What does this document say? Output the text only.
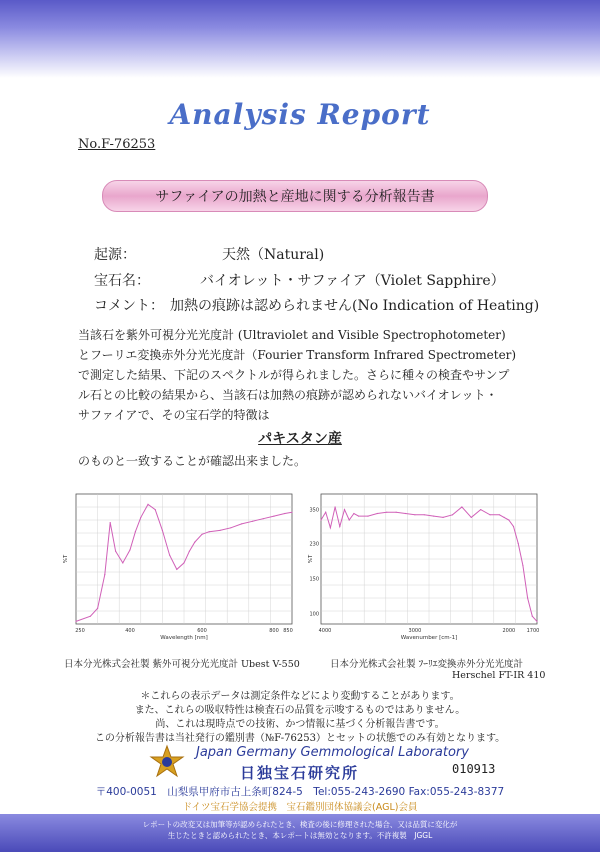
Analysis Report
No.F-76253
サファイアの加熱と産地に関する分析報告書
起源：	天然（Natural)
宝石名：	バイオレット・サファイア（Violet Sapphire）
コメント： 加熱の痕跡は認められません(No Indication of Heating)

当該石を紫外可視分光光度計 (Ultraviolet and Visible Spectrophotometer)

とフーリエ変換赤外分光光度計（Fourier Transform Infrared Spectrometer)

で測定した結果、下記のスペクトルが得られました。さらに種々の検査やサンプ

ル石との比較の結果から、当該石は加熱の痕跡が認められないバイオレット・

サファイアで、その宝石学的特徴は

パキスタン産
のものと一致することが確認出来ました。
250	400	600	800 850
Wavelength [nm]
%T
4000	3000	2000 1700
350
230
150
100
Wavenumber [cm-1]
%T
日本分光株式会社製 紫外可視分光光度計 Ubest V-550	日本分光株式会社製 ﾌｰﾘｴ変換赤外分光光度計
Herschel FT-IR 410
＊これらの表示データは測定条件などにより変動することがあります。
また、これらの吸収特性は検査石の品質を示唆するものではありません。
尚、これは現時点での技術、かつ情報に基づく分析報告書です。
この分析報告書は当社発行の鑑別書（№F-76253）とセットの状態でのみ有効となります。
Japan Germany Gemmological Laboratory
日独宝石研究所	010913
〒400-0051　山梨県甲府市古上条町824-5　Tel:055-243-2690 Fax:055-243-8377
ドイツ宝石学協会提携　宝石鑑別団体協議会(AGL)会員
レポートの改変又は加筆等が認められたとき、検査の後に修理された場合、又は品質に変化が
生じたときと認められたとき、本レポートは無効となります。不許複製　JGGL
